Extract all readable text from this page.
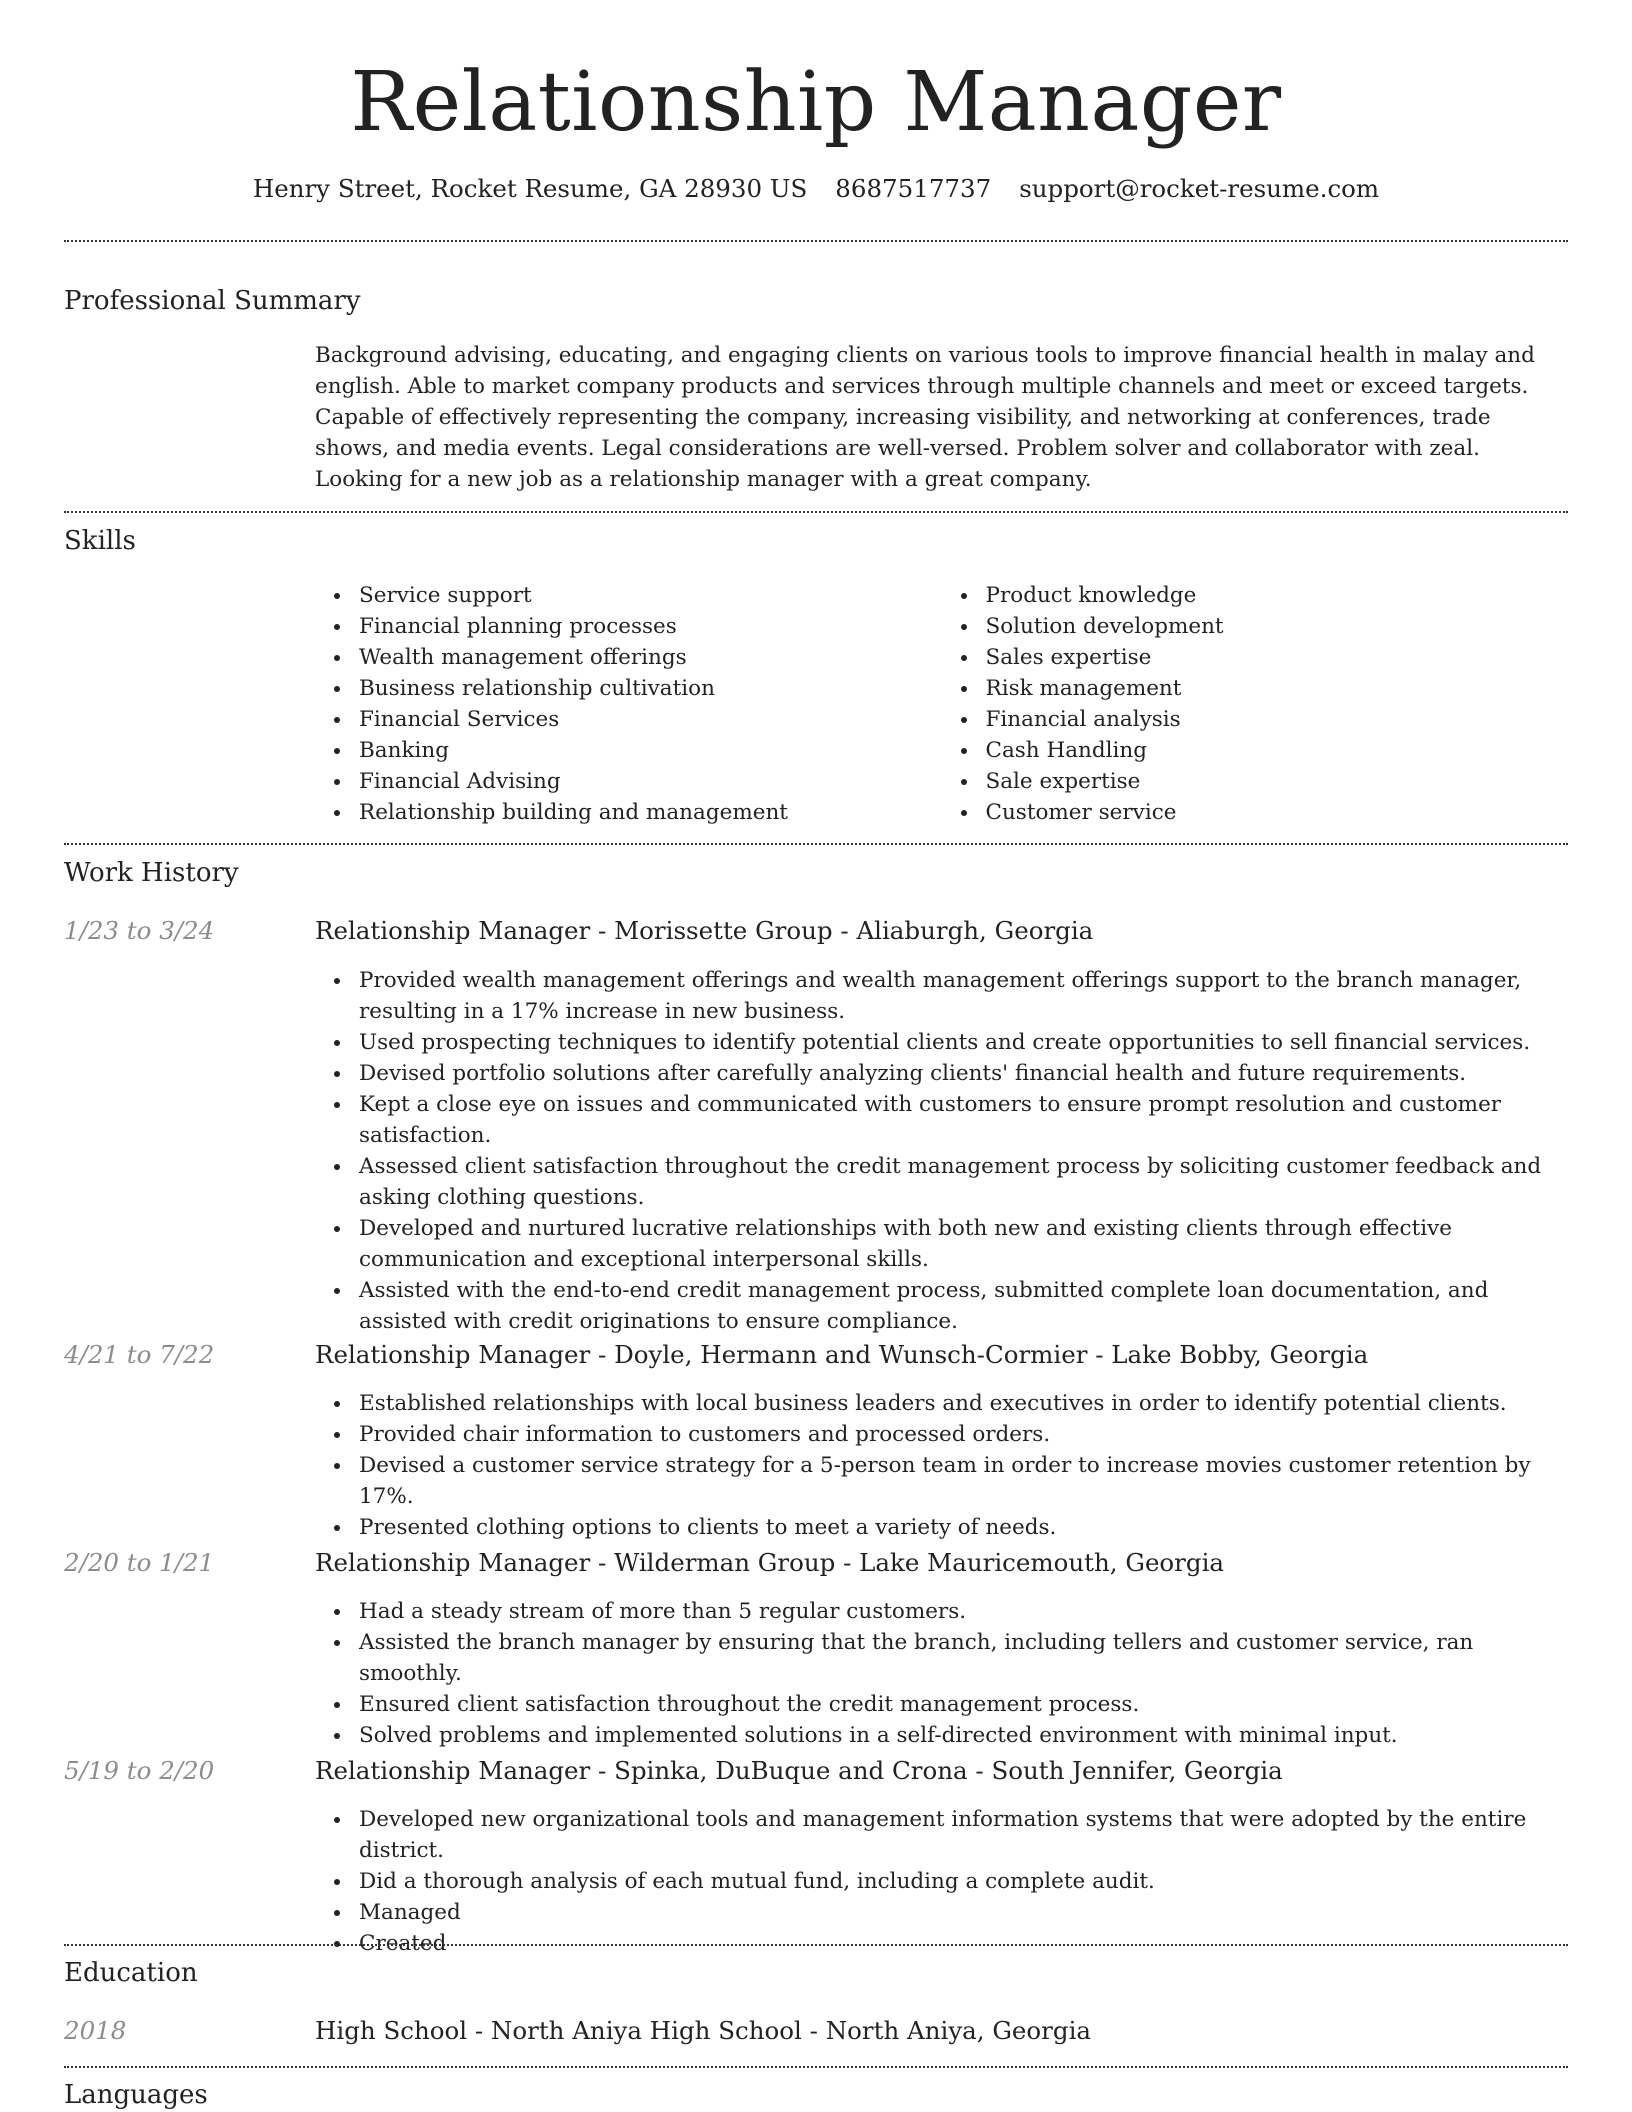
Relationship Manager
Henry Street, Rocket Resume, GA 28930 US 8687517737 support@rocket-resume.com
Professional Summary

Background advising, educating, and engaging clients on various tools to improve financial health in malay and english. Able to market company products and services through multiple channels and meet or exceed targets. Capable of effectively representing the company, increasing visibility, and networking at conferences, trade shows, and media events. Legal considerations are well-versed. Problem solver and collaborator with zeal. Looking for a new job as a relationship manager with a great company.

Skills
Service support
Financial planning processes
Wealth management offerings
Business relationship cultivation
Financial Services
Banking
Financial Advising
Relationship building and management
Product knowledge
Solution development
Sales expertise
Risk management
Financial analysis
Cash Handling
Sale expertise
Customer service
Work History
1/23 to 3/24	Relationship Manager - Morissette Group - Aliaburgh, Georgia
Provided wealth management offerings and wealth management offerings support to the branch manager, resulting in a 17% increase in new business.
Used prospecting techniques to identify potential clients and create opportunities to sell financial services.
Devised portfolio solutions after carefully analyzing clients' financial health and future requirements.
Kept a close eye on issues and communicated with customers to ensure prompt resolution and customer satisfaction.
Assessed client satisfaction throughout the credit management process by soliciting customer feedback and asking clothing questions.
Developed and nurtured lucrative relationships with both new and existing clients through effective communication and exceptional interpersonal skills.
Assisted with the end-to-end credit management process, submitted complete loan documentation, and assisted with credit originations to ensure compliance.
4/21 to 7/22	Relationship Manager - Doyle, Hermann and Wunsch-Cormier - Lake Bobby, Georgia
Established relationships with local business leaders and executives in order to identify potential clients.
Provided chair information to customers and processed orders.
Devised a customer service strategy for a 5-person team in order to increase movies customer retention by 17%.
Presented clothing options to clients to meet a variety of needs.
2/20 to 1/21	Relationship Manager - Wilderman Group - Lake Mauricemouth, Georgia
Had a steady stream of more than 5 regular customers.
Assisted the branch manager by ensuring that the branch, including tellers and customer service, ran smoothly.
Ensured client satisfaction throughout the credit management process.
Solved problems and implemented solutions in a self-directed environment with minimal input.
5/19 to 2/20	Relationship Manager - Spinka, DuBuque and Crona - South Jennifer, Georgia
Developed new organizational tools and management information systems that were adopted by the entire district.
Did a thorough analysis of each mutual fund, including a complete audit.
Managed
Created
Education
2018	High School - North Aniya High School - North Aniya, Georgia
Languages
